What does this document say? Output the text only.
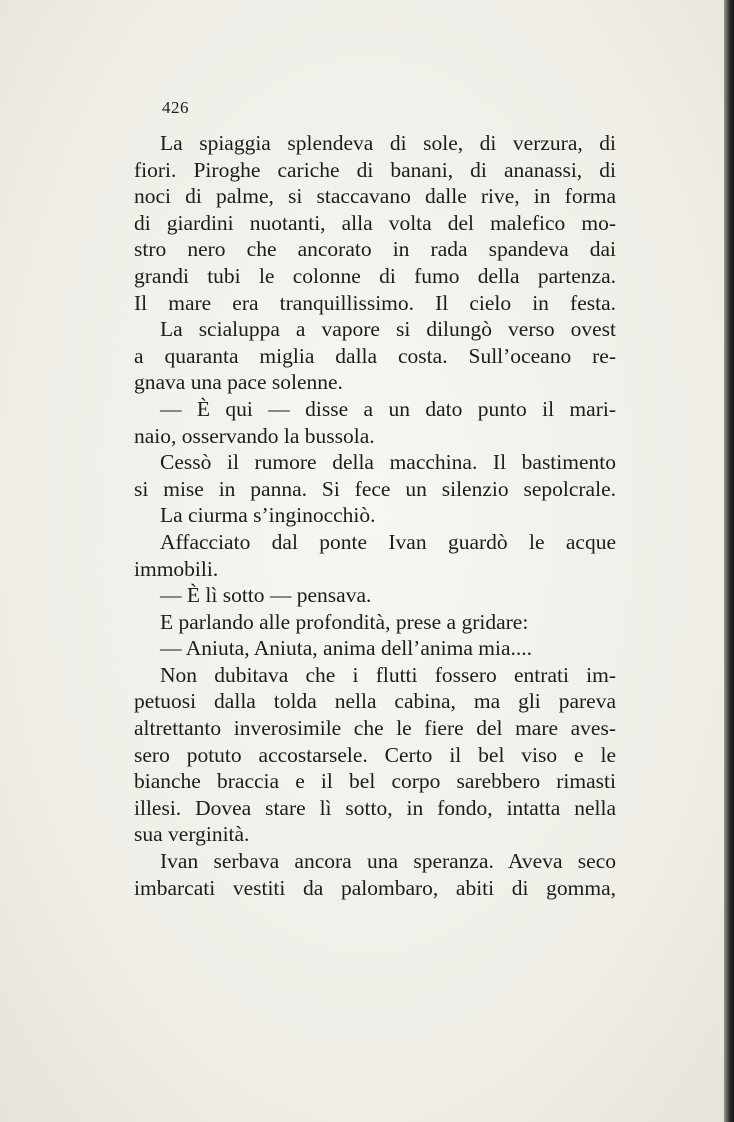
426
La spiaggia splendeva di sole, di verzura, di
fiori. Piroghe cariche di banani, di ananassi, di
noci di palme, si staccavano dalle rive, in forma
di giardini nuotanti, alla volta del malefico mo-
stro nero che ancorato in rada spandeva dai
grandi tubi le colonne di fumo della partenza.
Il mare era tranquillissimo. Il cielo in festa.
La scialuppa a vapore si dilungò verso ovest
a quaranta miglia dalla costa. Sull’oceano re-
gnava una pace solenne.
— È qui — disse a un dato punto il mari-
naio, osservando la bussola.
Cessò il rumore della macchina. Il bastimento
si mise in panna. Si fece un silenzio sepolcrale.
La ciurma s’inginocchiò.
Affacciato dal ponte Ivan guardò le acque
immobili.
— È lì sotto — pensava.
E parlando alle profondità, prese a gridare:
— Aniuta, Aniuta, anima dell’anima mia....
Non dubitava che i flutti fossero entrati im-
petuosi dalla tolda nella cabina, ma gli pareva
altrettanto inverosimile che le fiere del mare aves-
sero potuto accostarsele. Certo il bel viso e le
bianche braccia e il bel corpo sarebbero rimasti
illesi. Dovea stare lì sotto, in fondo, intatta nella
sua verginità.
Ivan serbava ancora una speranza. Aveva seco
imbarcati vestiti da palombaro, abiti di gomma,
